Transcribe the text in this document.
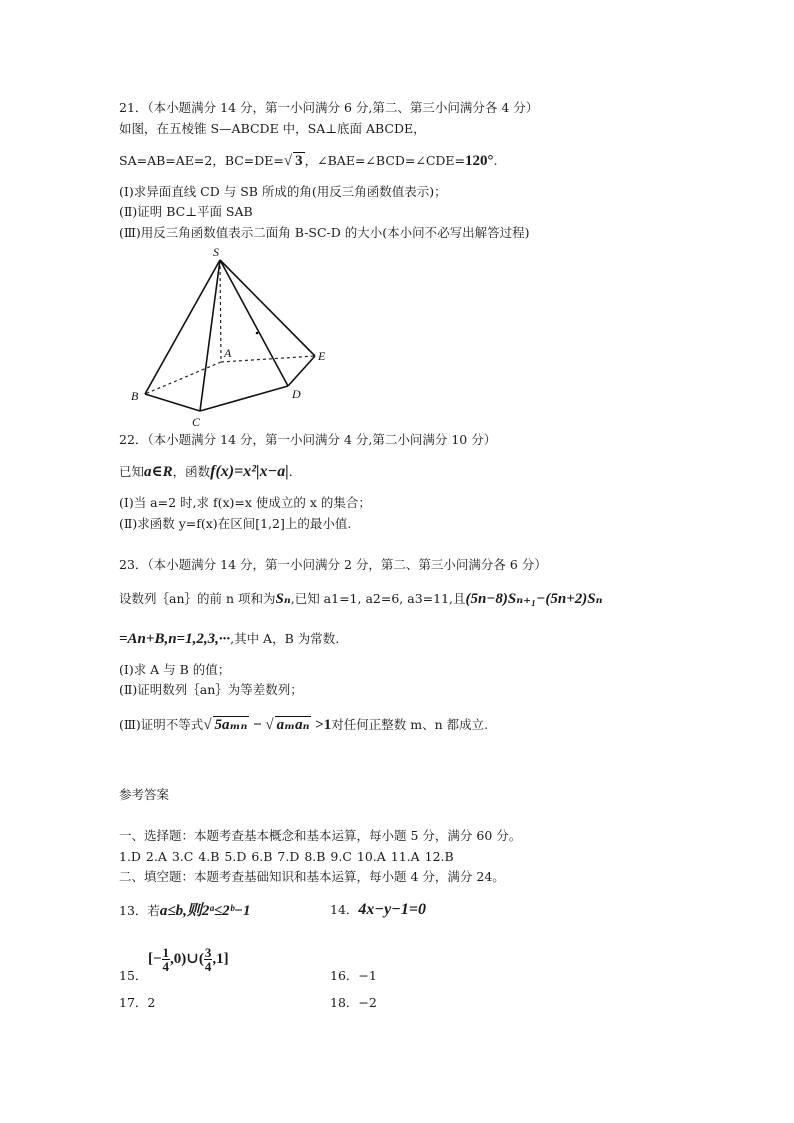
21．（本小题满分 14 分，第一小问满分 6 分,第二、第三小问满分各 4 分）
如图，在五棱锥 S—ABCDE 中，SA⊥底面 ABCDE，
SA=AB=AE=2，BC=DE=√ 3 ，∠BAE=∠BCD=∠CDE=120°.
(Ⅰ)求异面直线 CD 与 SB 所成的角(用反三角函数值表示)；
(Ⅱ)证明 BC⊥平面 SAB
(Ⅲ)用反三角函数值表示二面角 B-SC-D 的大小(本小问不必写出解答过程)
S
A
B
C
D
E
22．（本小题满分 14 分，第一小问满分 4 分,第二小问满分 10 分）
已知a∈R，函数f(x)=x²|x−a|.
(Ⅰ)当 a=2 时,求 f(x)=x 使成立的 x 的集合；
(Ⅱ)求函数 y=f(x)在区间[1,2]上的最小值.
23．（本小题满分 14 分，第一小问满分 2 分，第二、第三小问满分各 6 分）
设数列｛an｝的前 n 项和为Sₙ,已知 a1=1, a2=6, a3=11,且(5n−8)Sₙ₊₁−(5n+2)Sₙ
=An+B,n=1,2,3,···,其中 A，B 为常数.
(Ⅰ)求 A 与 B 的值；
(Ⅱ)证明数列｛an｝为等差数列；
(Ⅲ)证明不等式√ 5aₘₙ − √ aₘaₙ >1对任何正整数 m、n 都成立.
参考答案
一、选择题：本题考查基本概念和基本运算，每小题 5 分，满分 60 分。
1.D 2.A 3.C 4.B 5.D 6.B 7.D 8.B 9.C 10.A 11.A 12.B
二、填空题：本题考查基础知识和基本运算，每小题 4 分，满分 24。
13．若a≤b,则2ᵃ≤2ᵇ−1	14．4x−y−1=0
15．
[− $\frac{1}{4}$ ,0)∪( $\frac{3}{4} ,1$]
16．−1
17．2	18．−2
